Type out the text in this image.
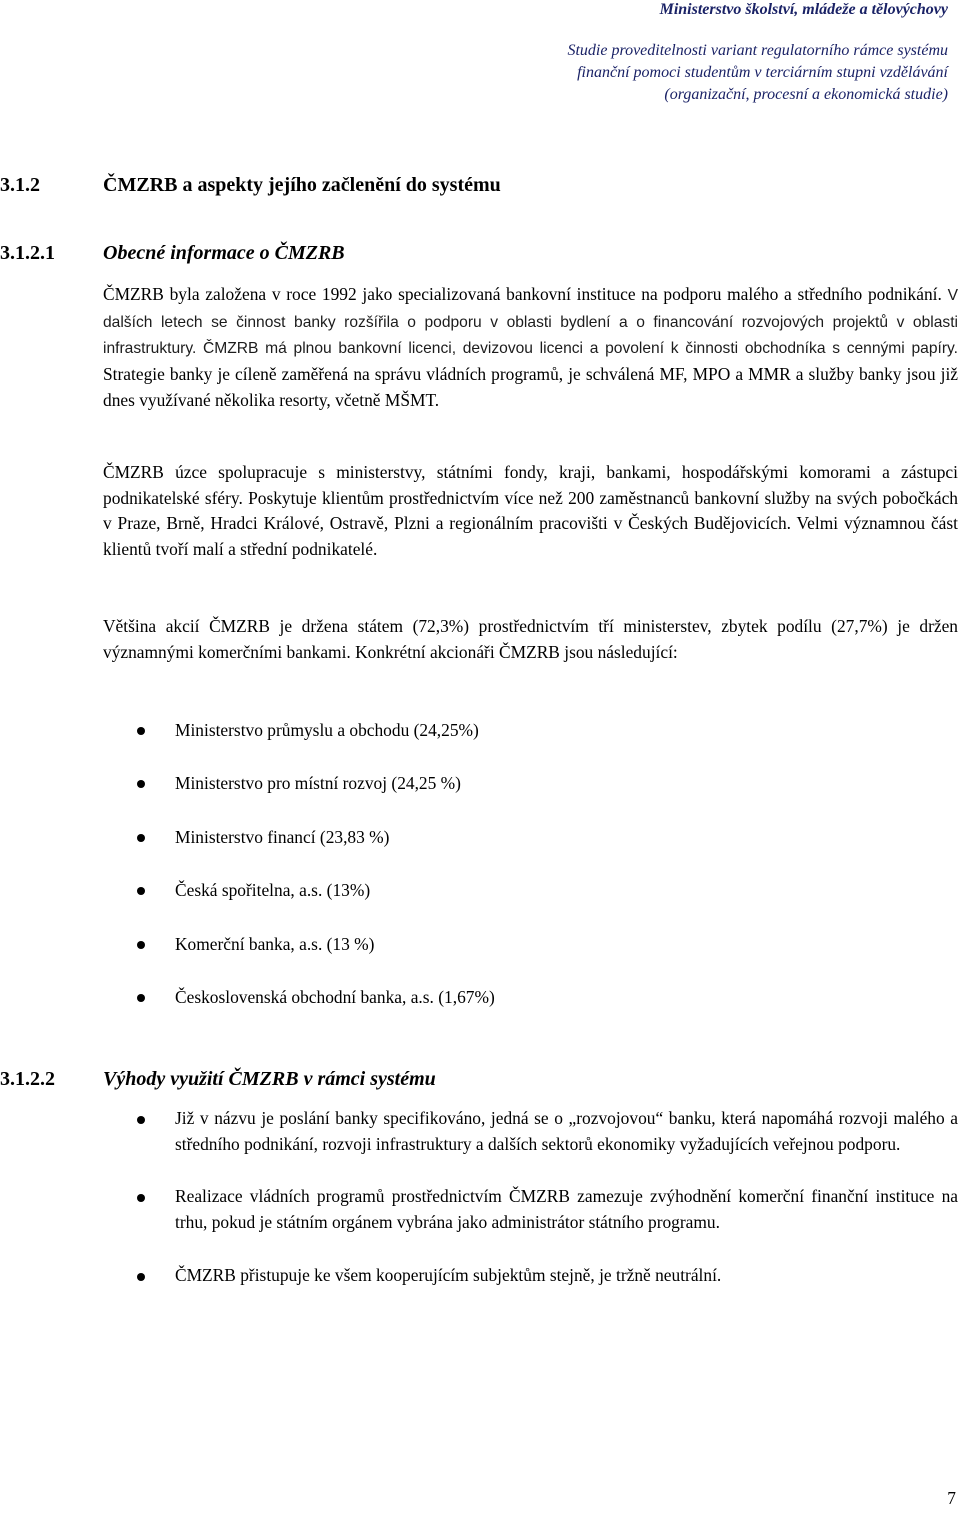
Ministerstvo školství, mládeže a tělovýchovy
Studie proveditelnosti variant regulatorního rámce systému
finanční pomoci studentům v terciárním stupni vzdělávání
(organizační, procesní a ekonomická studie)
3.1.2	ČMZRB a aspekty jejího začlenění do systému
3.1.2.1 Obecné informace o ČMZRB
ČMZRB byla založena v roce 1992 jako specializovaná bankovní instituce na podporu malého a středního podnikání. V dalších letech se činnost banky rozšířila o podporu v oblasti bydlení a o financování rozvojových projektů v oblasti infrastruktury. ČMZRB má plnou bankovní licenci, devizovou licenci a povolení k činnosti obchodníka s cennými papíry. Strategie banky je cíleně zaměřená na správu vládních programů, je schválená MF, MPO a MMR a služby banky jsou již dnes využívané několika resorty, včetně MŠMT.
ČMZRB úzce spolupracuje s ministerstvy, státními fondy, kraji, bankami, hospodářskými komorami a zástupci podnikatelské sféry. Poskytuje klientům prostřednictvím více než 200 zaměstnanců bankovní služby na svých pobočkách v Praze, Brně, Hradci Králové, Ostravě, Plzni a regionálním pracovišti v Českých Budějovicích. Velmi významnou část klientů tvoří malí a střední podnikatelé.
Většina akcií ČMZRB je držena státem (72,3%) prostřednictvím tří ministerstev, zbytek podílu (27,7%) je držen významnými komerčními bankami. Konkrétní akcionáři ČMZRB jsou následující:
Ministerstvo průmyslu a obchodu (24,25%)
Ministerstvo pro místní rozvoj (24,25 %)
Ministerstvo financí (23,83 %)
Česká spořitelna, a.s. (13%)
Komerční banka, a.s. (13 %)
Československá obchodní banka, a.s. (1,67%)
3.1.2.2 Výhody využití ČMZRB v rámci systému
Již v názvu je poslání banky specifikováno, jedná se o „rozvojovou“ banku, která napomáhá rozvoji malého a středního podnikání, rozvoji infrastruktury a dalších sektorů ekonomiky vyžadujících veřejnou podporu.
Realizace vládních programů prostřednictvím ČMZRB zamezuje zvýhodnění komerční finanční instituce na trhu, pokud je státním orgánem vybrána jako administrátor státního programu.
ČMZRB přistupuje ke všem kooperujícím subjektům stejně, je tržně neutrální.
7
